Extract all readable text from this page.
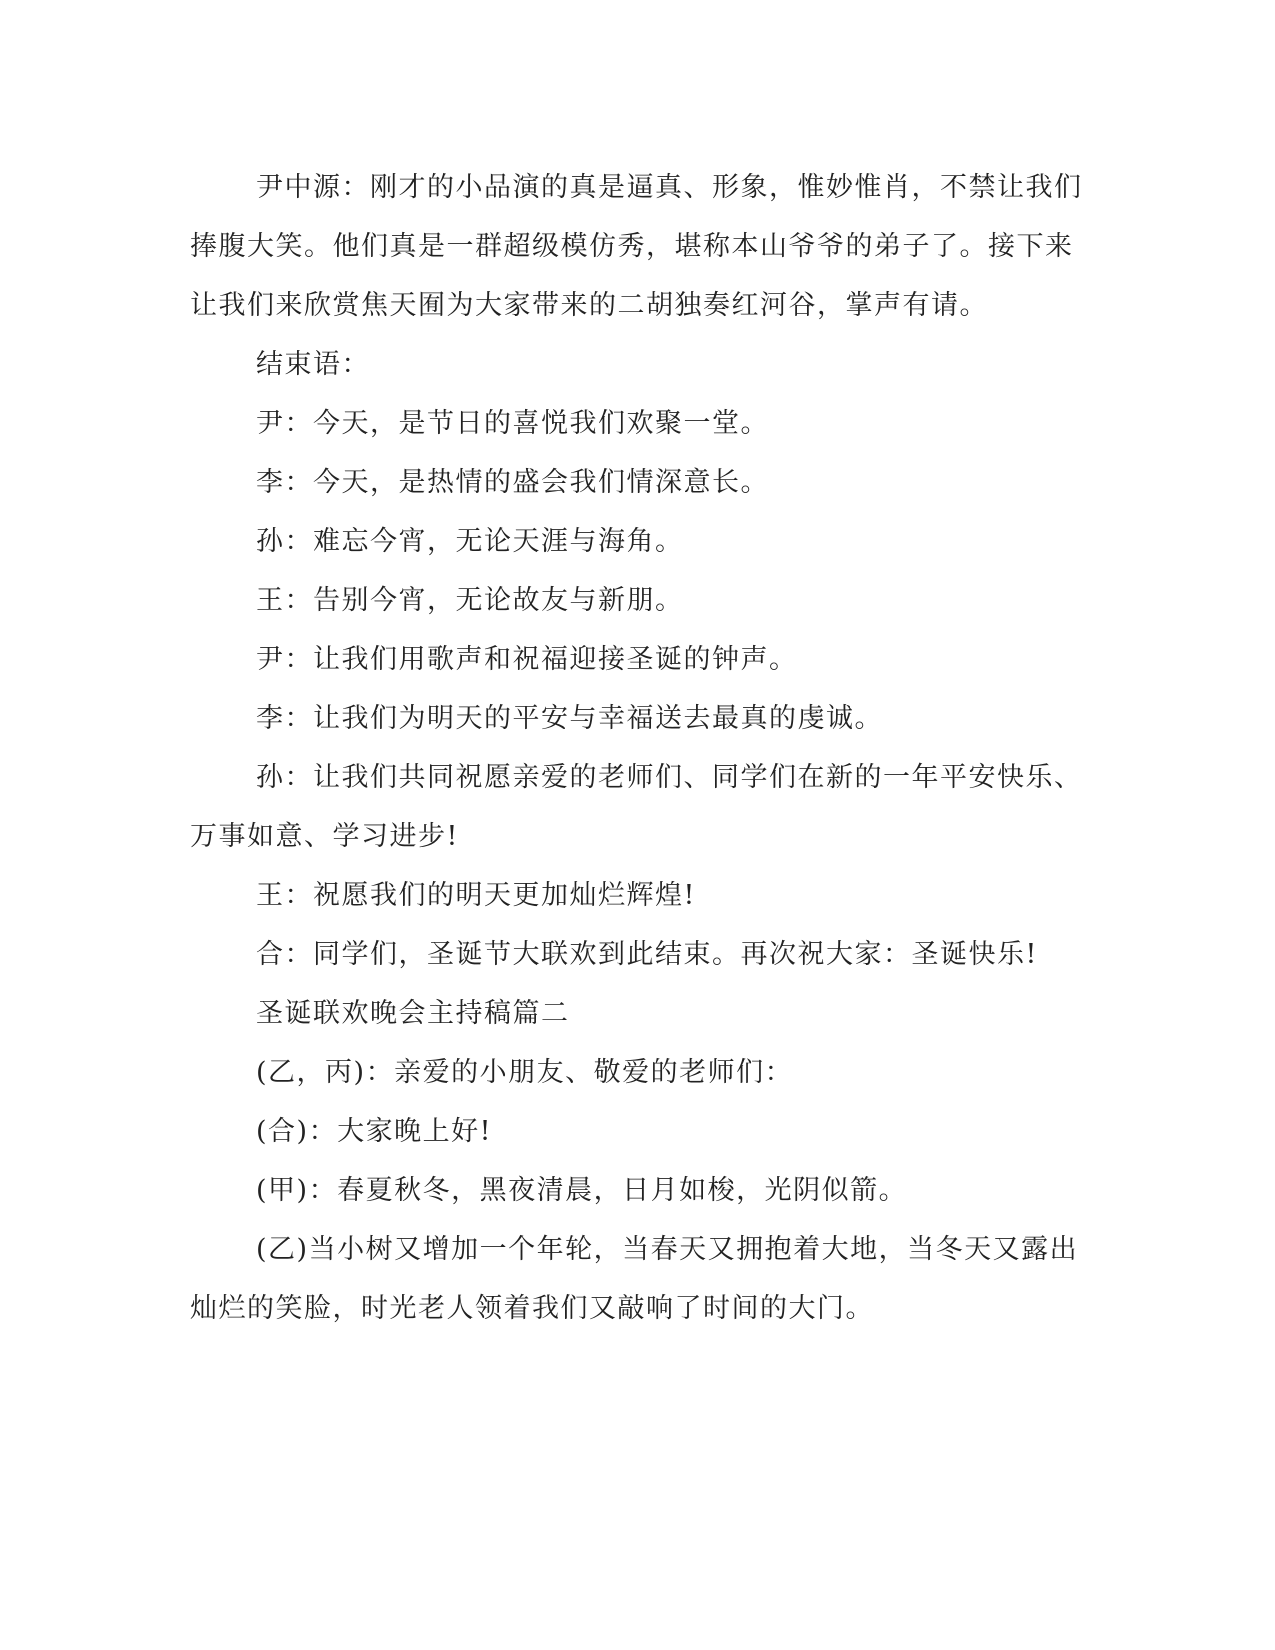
尹中源：刚才的小品演的真是逼真、形象，惟妙惟肖，不禁让我们捧腹大笑。他们真是一群超级模仿秀，堪称本山爷爷的弟子了。接下来让我们来欣赏焦天囿为大家带来的二胡独奏红河谷，掌声有请。

结束语：

尹：今天，是节日的喜悦我们欢聚一堂。

李：今天，是热情的盛会我们情深意长。

孙：难忘今宵，无论天涯与海角。

王：告别今宵，无论故友与新朋。

尹：让我们用歌声和祝福迎接圣诞的钟声。

李：让我们为明天的平安与幸福送去最真的虔诚。

孙：让我们共同祝愿亲爱的老师们、同学们在新的一年平安快乐、万事如意、学习进步!

王：祝愿我们的明天更加灿烂辉煌!

合：同学们，圣诞节大联欢到此结束。再次祝大家：圣诞快乐!

圣诞联欢晚会主持稿篇二

(乙，丙)：亲爱的小朋友、敬爱的老师们：

(合)：大家晚上好!

(甲)：春夏秋冬，黑夜清晨，日月如梭，光阴似箭。

(乙)当小树又增加一个年轮，当春天又拥抱着大地，当冬天又露出灿烂的笑脸，时光老人领着我们又敲响了时间的大门。
